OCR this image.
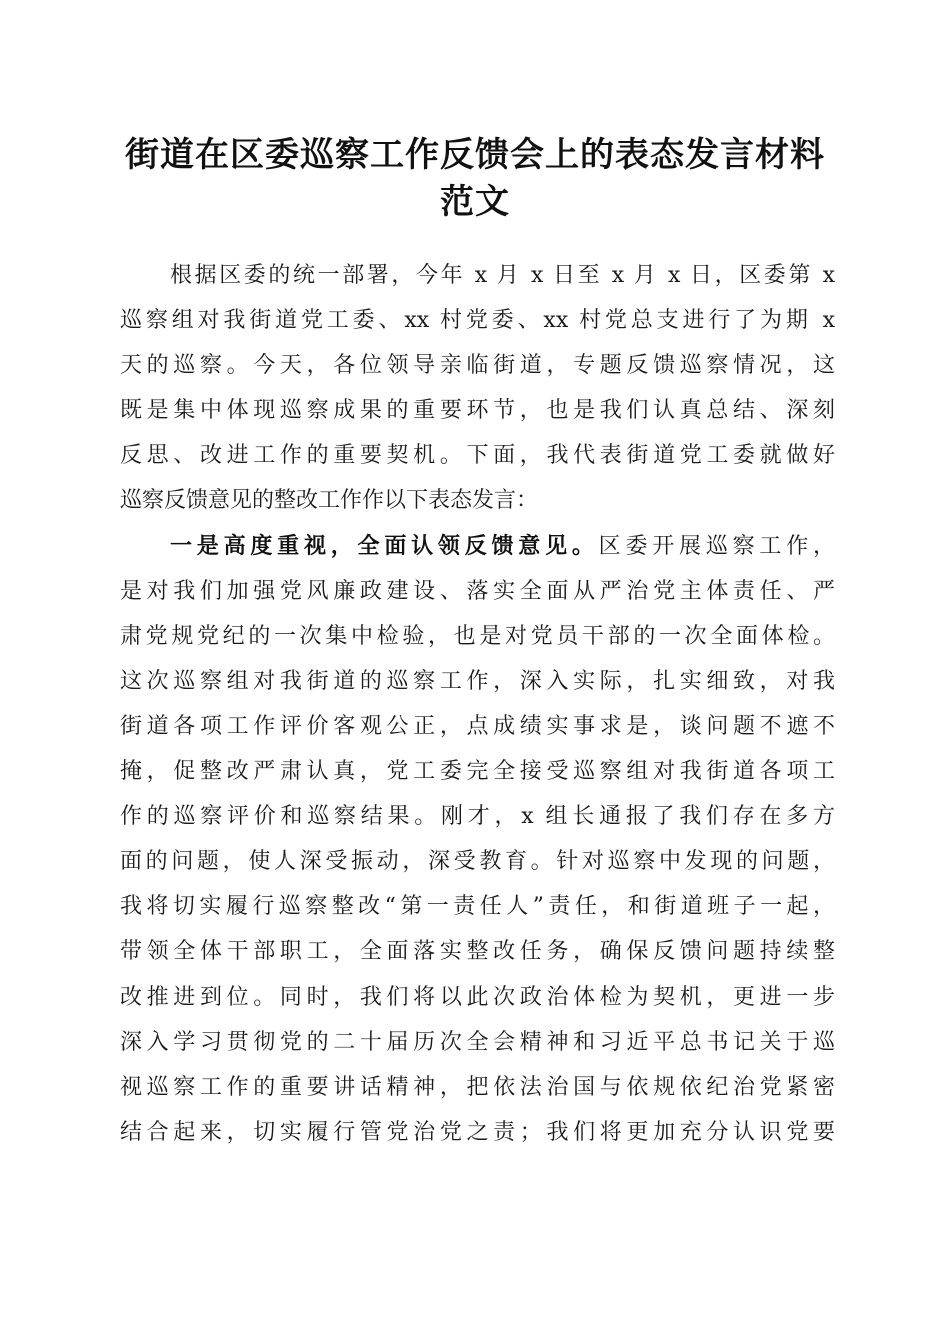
街道在区委巡察工作反馈会上的表态发言材料
范文
根据区委的统一部署，今年 x 月 x 日至 x 月 x 日，区委第 x
巡察组对我街道党工委、xx 村党委、xx 村党总支进行了为期 x
天的巡察。今天，各位领导亲临街道，专题反馈巡察情况，这
既是集中体现巡察成果的重要环节，也是我们认真总结、深刻
反思、改进工作的重要契机。下面，我代表街道党工委就做好
巡察反馈意见的整改工作作以下表态发言：
一是高度重视，全面认领反馈意见。区委开展巡察工作，
是对我们加强党风廉政建设、落实全面从严治党主体责任、严
肃党规党纪的一次集中检验，也是对党员干部的一次全面体检。
这次巡察组对我街道的巡察工作，深入实际，扎实细致，对我
街道各项工作评价客观公正，点成绩实事求是，谈问题不遮不
掩，促整改严肃认真，党工委完全接受巡察组对我街道各项工
作的巡察评价和巡察结果。刚才，x 组长通报了我们存在多方
面的问题，使人深受振动，深受教育。针对巡察中发现的问题，
我将切实履行巡察整改“第一责任人”责任，和街道班子一起，
带领全体干部职工，全面落实整改任务，确保反馈问题持续整
改推进到位。同时，我们将以此次政治体检为契机，更进一步
深入学习贯彻党的二十届历次全会精神和习近平总书记关于巡
视巡察工作的重要讲话精神，把依法治国与依规依纪治党紧密
结合起来，切实履行管党治党之责；我们将更加充分认识党要
